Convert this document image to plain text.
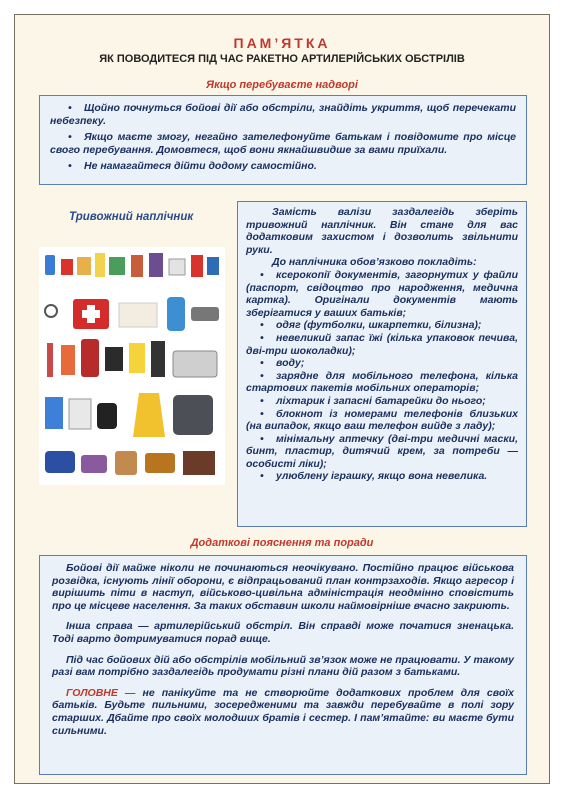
ПАМ’ЯТКА
ЯК ПОВОДИТЕСЯ ПІД ЧАС РАКЕТНО АРТИЛЕРІЙСЬКИХ ОБСТРІЛІВ
Якщо перебуваєте надворі

• Щойно почнуться бойові дії або обстріли, знайдіть укриття, щоб перечекати небезпеку.

• Якщо маєте змогу, негайно зателефонуйте батькам і повідомите про місце свого перебування. Домовтеся, щоб вони якнайшвидше за вами приїхали.

• Не намагайтеся дійти додому самостійно.

Тривожний наплічник	Замість валізи заздалегідь зберіть тривожний наплічник. Він стане для вас додатковим захистом і дозволить звільнити руки.

До наплічника обов’язково покладіть:

• ксерокопії документів, загорнутих у файли (паспорт, свідоцтво про народження, медична картка). Оригінали документів мають зберігатися у ваших батьків;

• одяг (футболки, шкарпетки, білизна);

• невеликий запас їжі (кілька упаковок печива, дві-три шоколадки);

• воду;

• зарядне для мобільного телефона, кілька стартових пакетів мобільних операторів;

• ліхтарик і запасні батарейки до нього;

• блокнот із номерами телефонів близьких (на випадок, якщо ваш телефон вийде з ладу);

• мінімальну аптечку (дві-три медичні маски, бинт, пластир, дитячий крем, за потреби — особисті ліки);

• улюблену іграшку, якщо вона невелика.

Додаткові пояснення та поради

Бойові дії майже ніколи не починаються неочікувано. Постійно працює військова розвідка, існують лінії оборони, є відпрацьований план контрзаходів. Якщо агресор і вирішить піти в наступ, військово-цивільна адміністрація неодмінно сповістить про це місцеве населення. За таких обставин школи наймовірніше вчасно закриють.

Інша справа — артилерійський обстріл. Він справді може початися зненацька. Тоді варто дотримуватися порад вище.

Під час бойових дій або обстрілів мобільний зв’язок може не працювати. У такому разі вам потрібно заздалегідь продумати різні плани дій разом з батьками.

ГОЛОВНЕ — не панікуйте та не створюйте додаткових проблем для своїх батьків. Будьте пильними, зосередженими та завжди перебувайте в полі зору старших. Дбайте про своїх молодших братів і сестер. І пам’ятайте: ви маєте бути сильними.
